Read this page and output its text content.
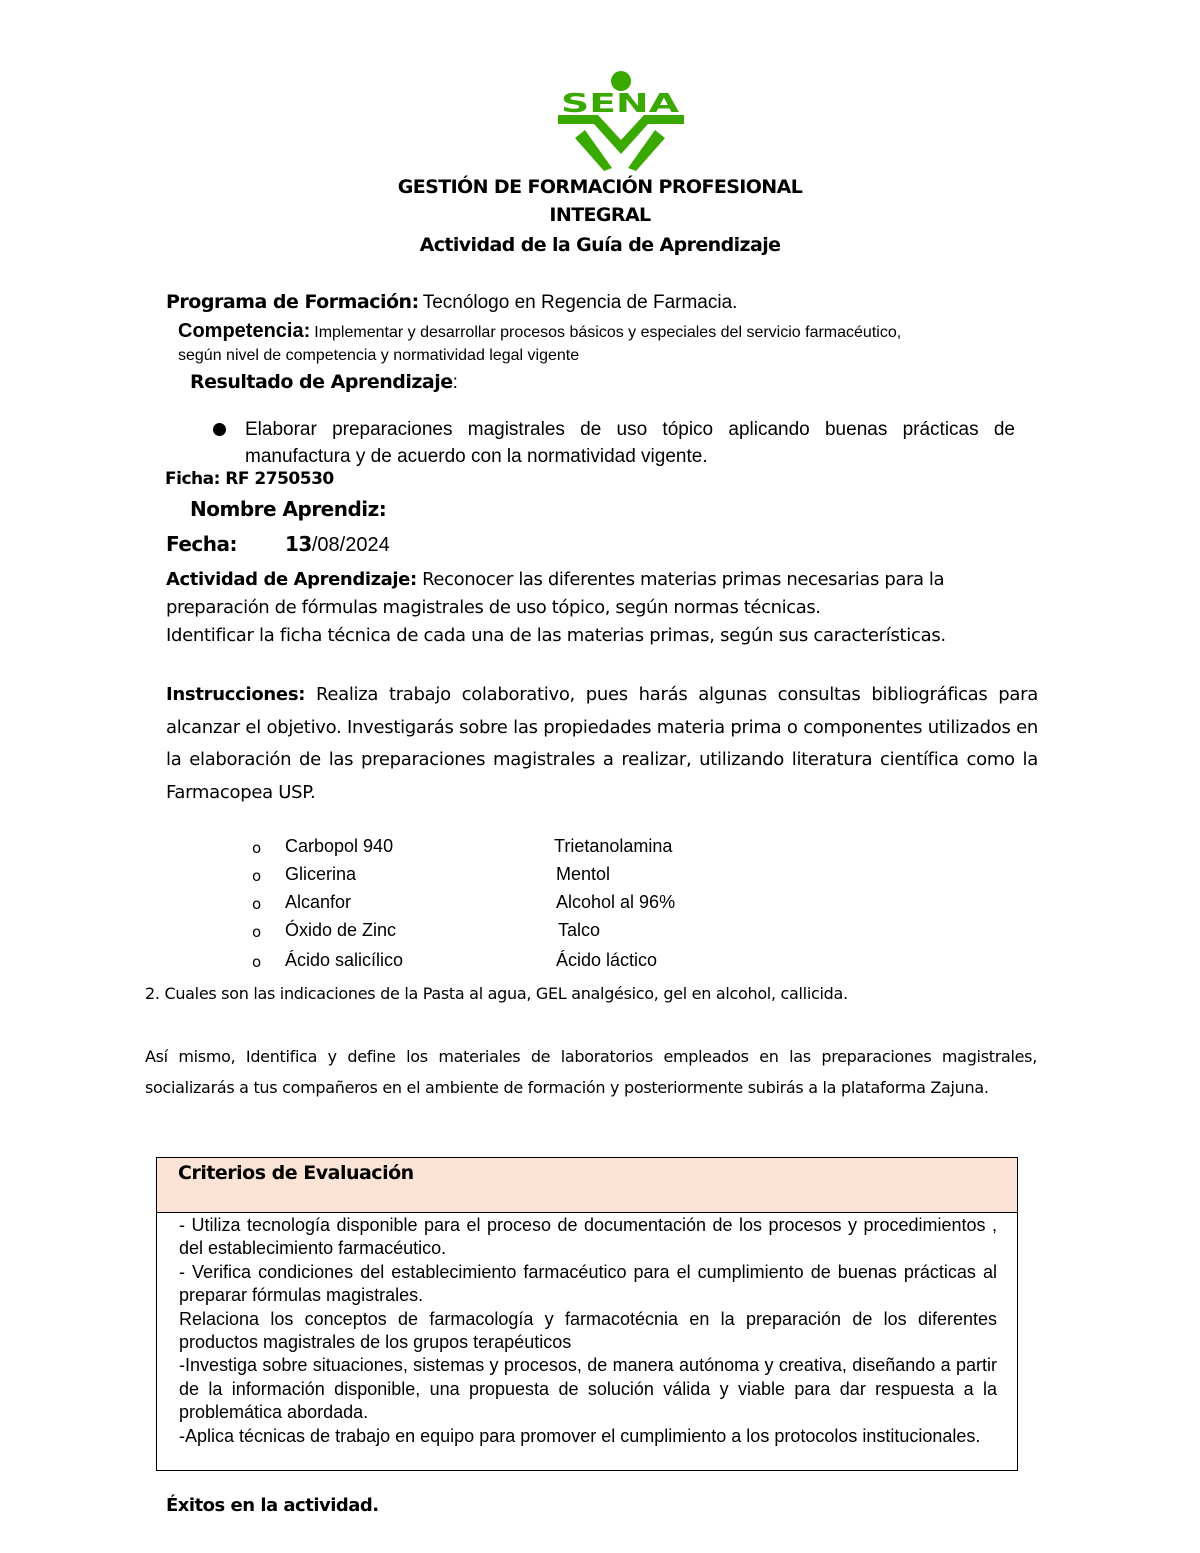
SENA
GESTIÓN DE FORMACIÓN PROFESIONAL
INTEGRAL
Actividad de la Guía de Aprendizaje
Programa de Formación: Tecnólogo en Regencia de Farmacia.
Competencia: Implementar y desarrollar procesos básicos y especiales del servicio farmacéutico,
según nivel de competencia y normatividad legal vigente
Resultado de Aprendizaje:
Elaborar preparaciones magistrales de uso tópico aplicando buenas prácticas de manufactura y de acuerdo con la normatividad vigente.
Ficha: RF 2750530
Nombre Aprendiz:
Fecha: 13/08/2024
Actividad de Aprendizaje: Reconocer las diferentes materias primas necesarias para la preparación de fórmulas magistrales de uso tópico, según normas técnicas.
Identificar la ficha técnica de cada una de las materias primas, según sus características.
Instrucciones: Realiza trabajo colaborativo, pues harás algunas consultas bibliográficas para alcanzar el objetivo. Investigarás sobre las propiedades materia prima o componentes utilizados en la elaboración de las preparaciones magistrales a realizar, utilizando literatura científica como la Farmacopea USP.
o Carbopol 940	Trietanolamina
o Glicerina	Mentol
o Alcanfor	Alcohol al 96%
o Óxido de Zinc	Talco
o Ácido salicílico	Ácido láctico
2. Cuales son las indicaciones de la Pasta al agua, GEL analgésico, gel en alcohol, callicida.
Así mismo, Identifica y define los materiales de laboratorios empleados en las preparaciones magistrales, socializarás a tus compañeros en el ambiente de formación y posteriormente subirás a la plataforma Zajuna.
Criterios de Evaluación

- Utiliza tecnología disponible para el proceso de documentación de los procesos y procedimientos , del establecimiento farmacéutico.

- Verifica condiciones del establecimiento farmacéutico para el cumplimiento de buenas prácticas al preparar fórmulas magistrales.

Relaciona los conceptos de farmacología y farmacotécnia en la preparación de los diferentes productos magistrales de los grupos terapéuticos

-Investiga sobre situaciones, sistemas y procesos, de manera autónoma y creativa, diseñando a partir de la información disponible, una propuesta de solución válida y viable para dar respuesta a la problemática abordada.

-Aplica técnicas de trabajo en equipo para promover el cumplimiento a los protocolos institucionales.

Éxitos en la actividad.
